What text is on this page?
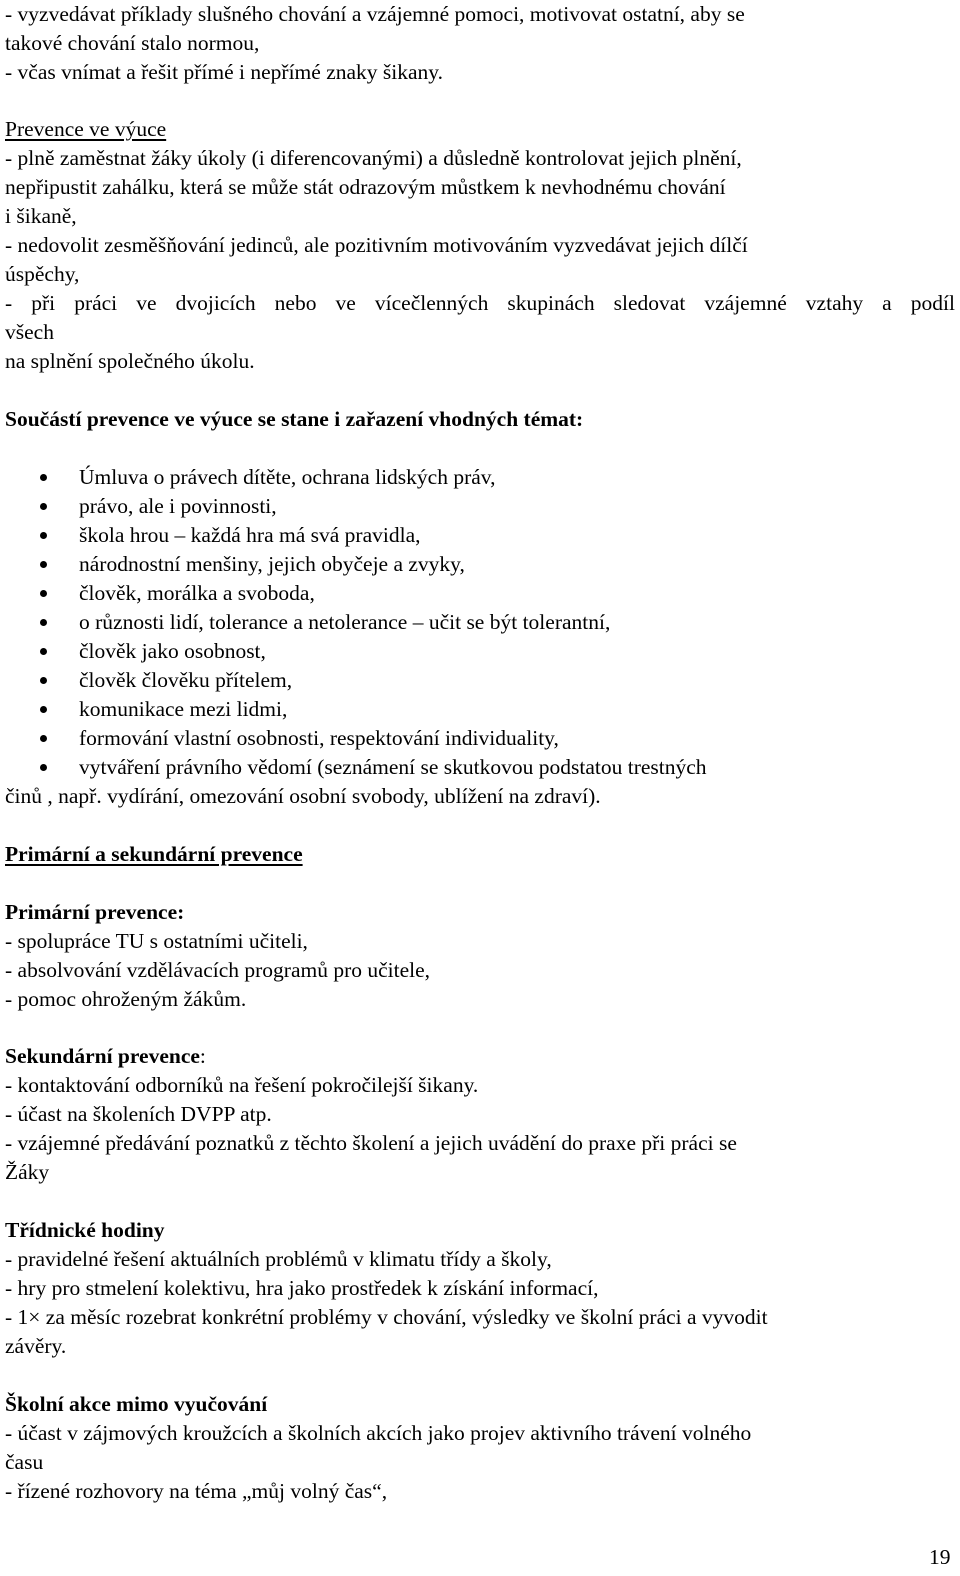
- vyzvedávat příklady slušného chování a vzájemné pomoci, motivovat ostatní, aby se
takové chování stalo normou,
- včas vnímat a řešit přímé i nepřímé znaky šikany.
Prevence ve výuce
- plně zaměstnat žáky úkoly (i diferencovanými) a důsledně kontrolovat jejich plnění,
nepřipustit zahálku, která se může stát odrazovým můstkem k nevhodnému chování
i šikaně,
- nedovolit zesměšňování jedinců, ale pozitivním motivováním vyzvedávat jejich dílčí
úspěchy,
- při práci ve dvojicích nebo ve vícečlenných skupinách sledovat vzájemné vztahy a podíl
všech
na splnění společného úkolu.
Součástí prevence ve výuce se stane i zařazení vhodných témat:
Úmluva o právech dítěte, ochrana lidských práv,
právo, ale i povinnosti,
škola hrou – každá hra má svá pravidla,
národnostní menšiny, jejich obyčeje a zvyky,
člověk, morálka a svoboda,
o různosti lidí, tolerance a netolerance – učit se být tolerantní,
člověk jako osobnost,
člověk člověku přítelem,
komunikace mezi lidmi,
formování vlastní osobnosti, respektování individuality,
vytváření právního vědomí (seznámení se skutkovou podstatou trestných
činů , např. vydírání, omezování osobní svobody, ublížení na zdraví).
Primární a sekundární prevence
Primární prevence:
- spolupráce TU s ostatními učiteli,
- absolvování vzdělávacích programů pro učitele,
- pomoc ohroženým žákům.
Sekundární prevence:
- kontaktování odborníků na řešení pokročilejší šikany.
- účast na školeních DVPP atp.
- vzájemné předávání poznatků z těchto školení a jejich uvádění do praxe při práci se
Žáky
Třídnické hodiny
- pravidelné řešení aktuálních problémů v klimatu třídy a školy,
- hry pro stmelení kolektivu, hra jako prostředek k získání informací,
- 1× za měsíc rozebrat konkrétní problémy v chování, výsledky ve školní práci a vyvodit
závěry.
Školní akce mimo vyučování
- účast v zájmových kroužcích a školních akcích jako projev aktivního trávení volného
času
- řízené rozhovory na téma „můj volný čas“,
19
